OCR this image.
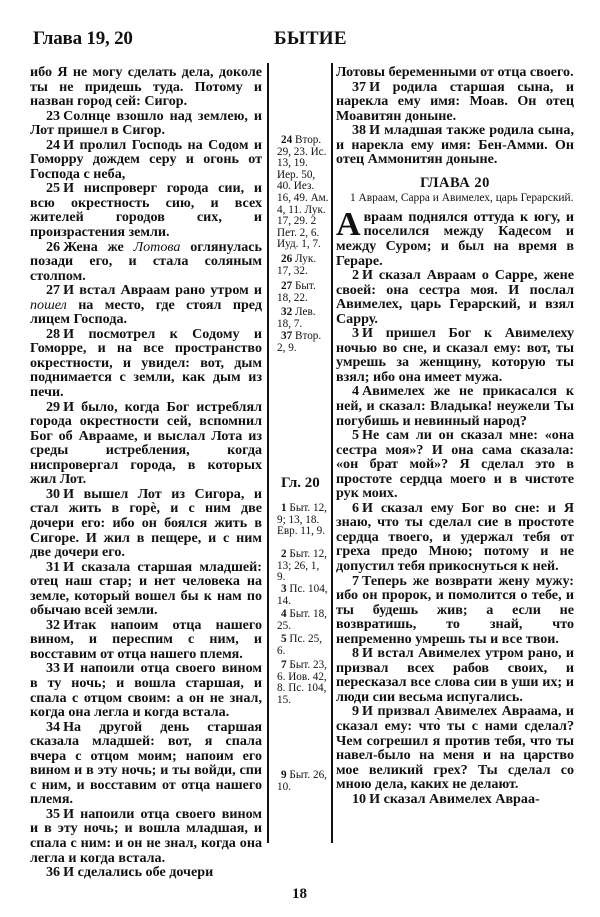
Глава 19, 20	БЫТИЕ

ибо Я не могу сделать дела, доколе ты не придешь туда. Потому и назван город сей: Сигор.

23 Солнце взошло над землею, и Лот пришел в Сигор.

24 И пролил Господь на Содом и Гоморру дождем серу и огонь от Господа с неба,

25 И ниспроверг города сии, и всю окрестность сию, и всех жителей городов сих, и произрастения земли.

26 Жена же Лотова оглянулась позади его, и стала соляным столпом.

27 И встал Авраам рано утром и пошел на место, где стоял пред лицем Господа.

28 И посмотрел к Содому и Гоморре, и на все пространство окрестности, и увидел: вот, дым поднимается с земли, как дым из печи.

29 И было, когда Бог истреблял города окрестности сей, вспомнил Бог об Аврааме, и выслал Лота из среды истребления, когда ниспровергал города, в которых жил Лот.

30 И вышел Лот из Сигора, и стал жить в горѐ, и с ним две дочери его: ибо он боялся жить в Сигоре. И жил в пещере, и с ним две дочери его.

31 И сказала старшая младшей: отец наш стар; и нет человека на земле, который вошел бы к нам по обычаю всей земли.

32 Итак напоим отца нашего вином, и переспим с ним, и восставим от отца нашего племя.

33 И напоили отца своего вином в ту ночь; и вошла старшая, и спала с отцом своим: а он не знал, когда она легла и когда встала.

34 На другой день старшая сказала младшей: вот, я спала вчера с отцом моим; напоим его вином и в эту ночь; и ты войди, спи с ним, и восставим от отца нашего племя.

35 И напоили отца своего вином и в эту ночь; и вошла младшая, и спала с ним: и он не знал, когда она легла и когда встала.

36 И сделались обе дочери

24 Втор. 29, 23. Ис. 13, 19. Иер. 50, 40. Иез. 16, 49. Ам. 4, 11. Лук. 17, 29. 2 Пет. 2, 6. Иуд. 1, 7.
26 Лук. 17, 32.
27 Быт. 18, 22.
32 Лев. 18, 7.
37 Втор. 2, 9.
Гл. 20
1 Быт. 12, 9; 13, 18. Евр. 11, 9.
2 Быт. 12, 13; 26, 1, 9.
3 Пс. 104, 14.
4 Быт. 18, 25.
5 Пс. 25, 6.
7 Быт. 23, 6. Иов. 42, 8. Пс. 104, 15.
9 Быт. 26, 10.

Лотовы беременными от отца своего.

37 И родила старшая сына, и нарекла ему имя: Моав. Он отец Моавитян доныне.

38 И младшая также родила сына, и нарекла ему имя: Бен-Амми. Он отец Аммонитян доныне.

ГЛАВА 20

1 Авраам, Сарра и Авимелех, царь Герарский.

Авраам поднялся оттуда к югу, и поселился между Кадесом и между Суром; и был на время в Гераре.

2 И сказал Авраам о Сарре, жене своей: она сестра моя. И послал Авимелех, царь Герарский, и взял Сарру.

3 И пришел Бог к Авимелеху ночью во сне, и сказал ему: вот, ты умрешь за женщину, которую ты взял; ибо она имеет мужа.

4 Авимелех же не прикасался к ней, и сказал: Владыка! неужели Ты погубишь и невинный народ?

5 Не сам ли он сказал мне: «она сестра моя»? И она сама сказала: «он брат мой»? Я сделал это в простоте сердца моего и в чистоте рук моих.

6 И сказал ему Бог во сне: и Я знаю, что ты сделал сие в простоте сердца твоего, и удержал тебя от греха предо Мною; потому и не допустил тебя прикоснуться к ней.

7 Теперь же возврати жену мужу: ибо он пророк, и помолится о тебе, и ты будешь жив; а если не возвратишь, то знай, что непременно умрешь ты и все твои.

8 И встал Авимелех утром рано, и призвал всех рабов своих, и пересказал все слова сии в уши их; и люди сии весьма испугались.

9 И призвал Авимелех Авраама, и сказал ему: что̀ ты с нами сделал? Чем согрешил я против тебя, что ты навел-было на меня и на царство мое великий грех? Ты сделал со мною дела, каких не делают.

10 И сказал Авимелех Авраа-

18
